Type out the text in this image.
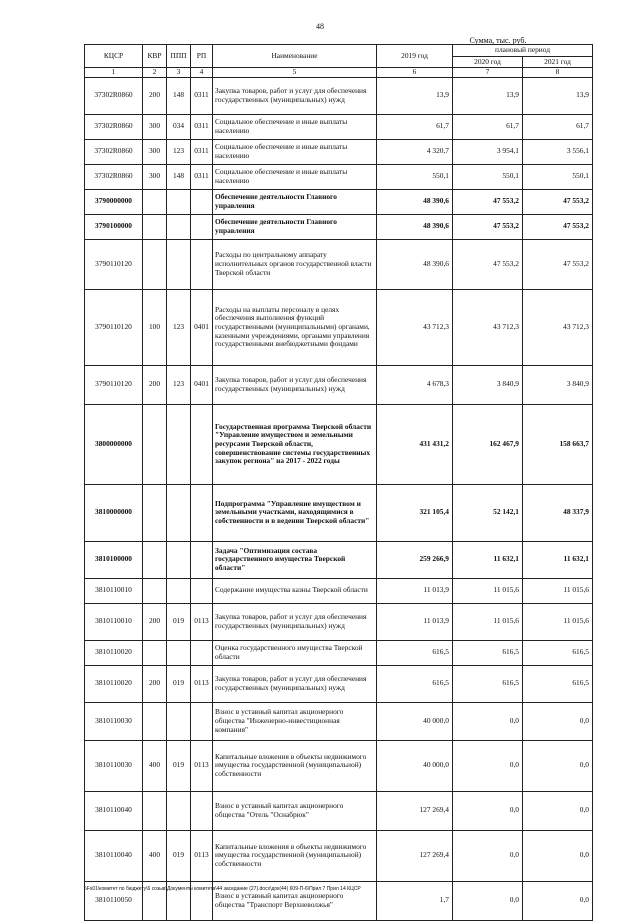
48
Сумма, тыс. руб.
КЦСР	КВР	ППП	РП	Наименование	2019 год	плановый период	
						2020 год	2021 год
1	2	3	4	5	6	7	8
37302R0860	200	148	0311	Закупка товаров, работ и услуг для обеспечения государственных (муниципальных) нужд	13,9	13,9	13,9
37302R0860	300	034	0311	Социальное обеспечение и иные выплаты населению	61,7	61,7	61,7
37302R0860	300	123	0311	Социальное обеспечение и иные выплаты населению	4 320,7	3 954,1	3 556,1
37302R0860	300	148	0311	Социальное обеспечение и иные выплаты населению	550,1	550,1	550,1
3790000000				Обеспечение деятельности Главного управления	48 390,6	47 553,2	47 553,2
3790100000				Обеспечение деятельности Главного управления	48 390,6	47 553,2	47 553,2
3790110120				Расходы по центральному аппарату исполнительных органов государственной власти Тверской области	48 390,6	47 553,2	47 553,2
3790110120	100	123	0401	Расходы на выплаты персоналу в целях обеспечения выполнения функций государственными (муниципальными) органами, казенными учреждениями, органами управления государственными внебюджетными фондами	43 712,3	43 712,3	43 712,3
3790110120	200	123	0401	Закупка товаров, работ и услуг для обеспечения государственных (муниципальных) нужд	4 678,3	3 840,9	3 840,9
3800000000				Государственная программа Тверской области "Управление имуществом и земельными ресурсами Тверской области, совершенствование системы государственных закупок региона" на 2017 - 2022 годы	431 431,2	162 467,9	158 663,7
3810000000				Подпрограмма "Управление имуществом и земельными участками, находящимися в собственности и в ведении Тверской области"	321 105,4	52 142,1	48 337,9
3810100000				Задача "Оптимизация состава государственного имущества Тверской области"	259 266,9	11 632,1	11 632,1
3810110010				Содержание имущества казны Тверской области	11 013,9	11 015,6	11 015,6
3810110010	200	019	0113	Закупка товаров, работ и услуг для обеспечения государственных (муниципальных) нужд	11 013,9	11 015,6	11 015,6
3810110020				Оценка государственного имущества Тверской области	616,5	616,5	616,5
3810110020	200	019	0113	Закупка товаров, работ и услуг для обеспечения государственных (муниципальных) нужд	616,5	616,5	616,5
3810110030				Взнос в уставный капитал акционерного общества "Инженерно-инвестиционная компания"	40 000,0	0,0	0,0
3810110030	400	019	0113	Капитальные вложения в объекты недвижимого имущества государственной (муниципальной) собственности	40 000,0	0,0	0,0
3810110040				Взнос в уставный капитал акционерного общества "Отель "Оснабрюк"	127 269,4	0,0	0,0
3810110040	400	019	0113	Капитальные вложения в объекты недвижимого имущества государственной (муниципальной) собственности	127 269,4	0,0	0,0
3810110050				Взнос в уставный капитал акционерного общества "Транспорт Верхневолжья"	1,7	0,0	0,0
\\Fs01\комитет по бюджету\6 созыв\Документы комитета\44 заседание (27).docx\док(44) 609-П-6\Прил 7 Прил 14 КЦСР
